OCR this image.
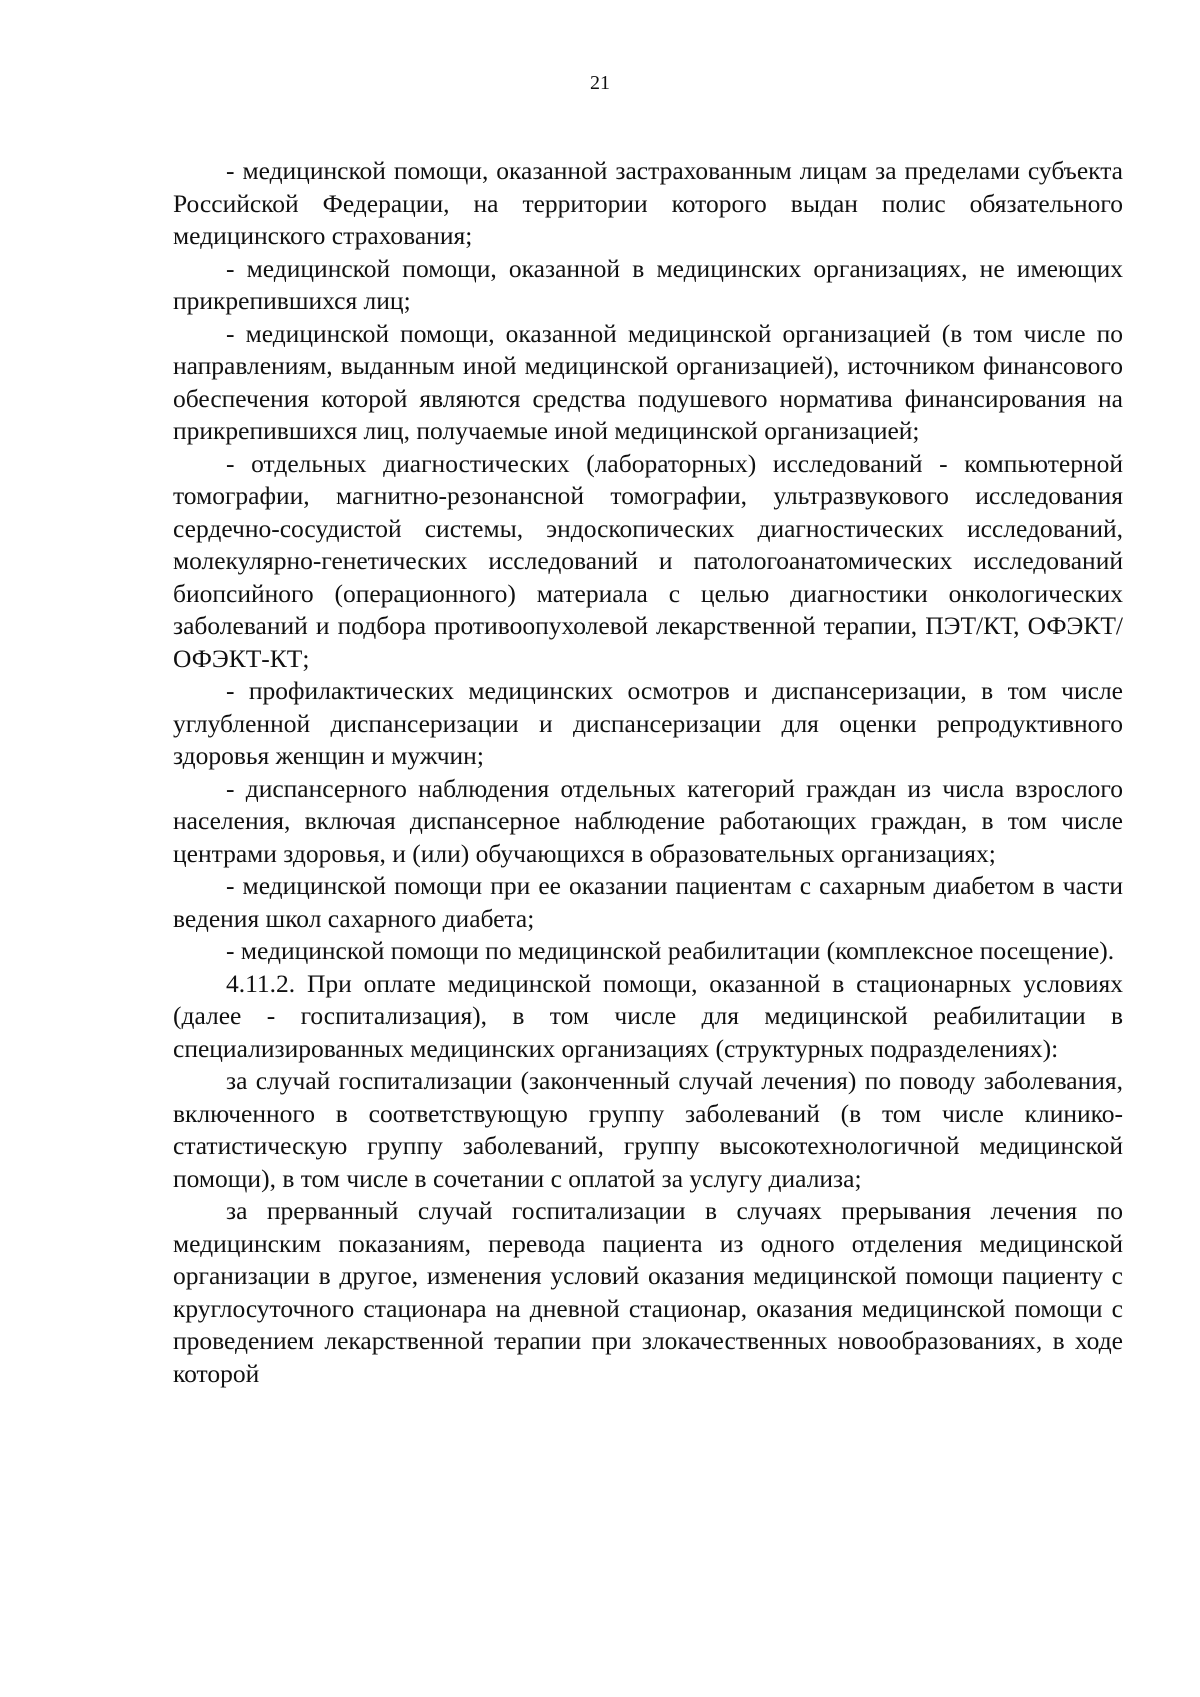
21

- медицинской помощи, оказанной застрахованным лицам за пределами субъекта Российской Федерации, на территории которого выдан полис обязательного медицинского страхования;

- медицинской помощи, оказанной в медицинских организациях, не имеющих прикрепившихся лиц;

- медицинской помощи, оказанной медицинской организацией (в том числе по направлениям, выданным иной медицинской организацией), источником финансового обеспечения которой являются средства подушевого норматива финансирования на прикрепившихся лиц, получаемые иной медицинской организацией;

- отдельных диагностических (лабораторных) исследований - компьютерной томографии, магнитно-резонансной томографии, ультразвукового исследования сердечно-сосудистой системы, эндоскопических диагностических исследований, молекулярно-генетических исследований и патологоанатомических исследований биопсийного (операционного) материала с целью диагностики онкологических заболеваний и подбора противоопухолевой лекарственной терапии, ПЭТ/КТ, ОФЭКТ/ОФЭКТ-КТ;

- профилактических медицинских осмотров и диспансеризации, в том числе углубленной диспансеризации и диспансеризации для оценки репродуктивного здоровья женщин и мужчин;

- диспансерного наблюдения отдельных категорий граждан из числа взрослого населения, включая диспансерное наблюдение работающих граждан, в том числе центрами здоровья, и (или) обучающихся в образовательных организациях;

- медицинской помощи при ее оказании пациентам с сахарным диабетом в части ведения школ сахарного диабета;

- медицинской помощи по медицинской реабилитации (комплексное посещение).

4.11.2. При оплате медицинской помощи, оказанной в стационарных условиях (далее - госпитализация), в том числе для медицинской реабилитации в специализированных медицинских организациях (структурных подразделениях):

за случай госпитализации (законченный случай лечения) по поводу заболевания, включенного в соответствующую группу заболеваний (в том числе клинико-статистическую группу заболеваний, группу высокотехнологичной медицинской помощи), в том числе в сочетании с оплатой за услугу диализа;

за прерванный случай госпитализации в случаях прерывания лечения по медицинским показаниям, перевода пациента из одного отделения медицинской организации в другое, изменения условий оказания медицинской помощи пациенту с круглосуточного стационара на дневной стационар, оказания медицинской помощи с проведением лекарственной терапии при злокачественных новообразованиях, в ходе которой
